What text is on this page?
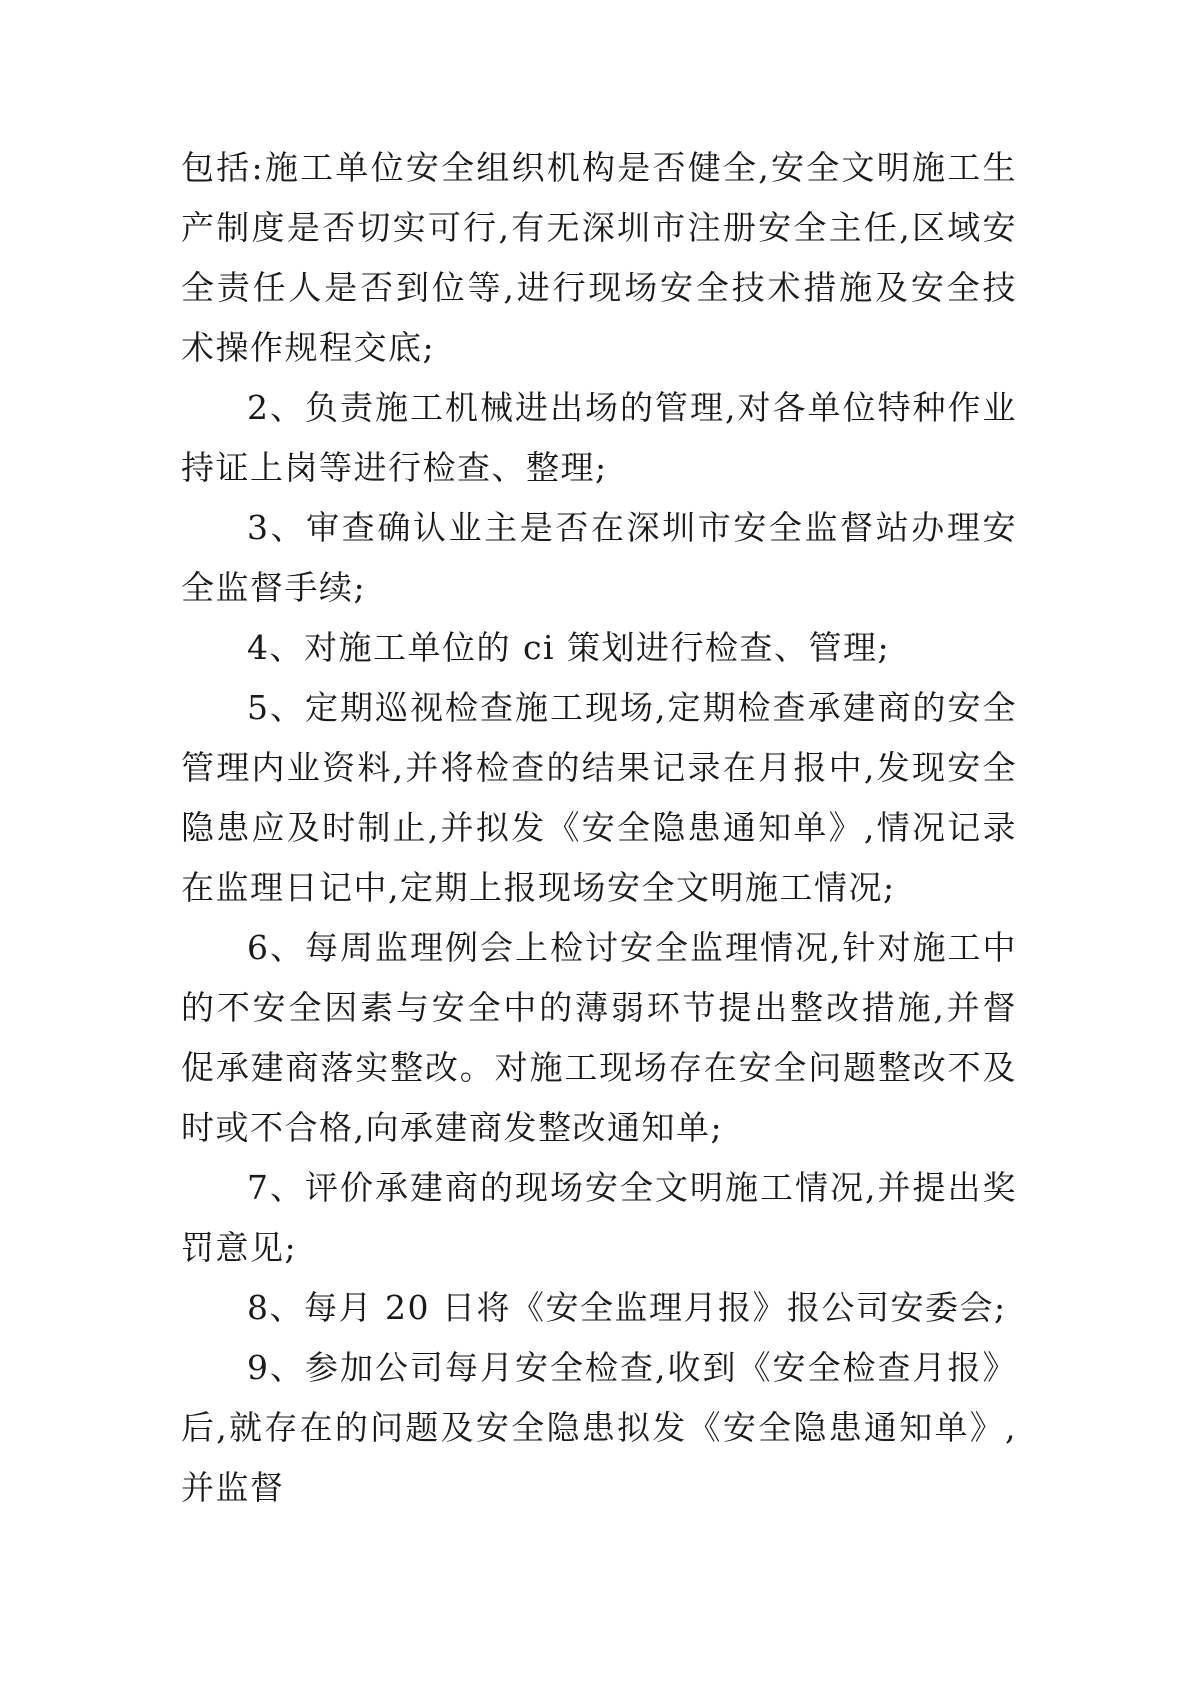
包括:施工单位安全组织机构是否健全,安全文明施工生产制度是否切实可行,有无深圳市注册安全主任,区域安全责任人是否到位等,进行现场安全技术措施及安全技术操作规程交底;

2、负责施工机械进出场的管理,对各单位特种作业持证上岗等进行检查、整理;

3、审查确认业主是否在深圳市安全监督站办理安全监督手续;

4、对施工单位的 ci 策划进行检查、管理;

5、定期巡视检查施工现场,定期检查承建商的安全管理内业资料,并将检查的结果记录在月报中,发现安全隐患应及时制止,并拟发《安全隐患通知单》,情况记录在监理日记中,定期上报现场安全文明施工情况;

6、每周监理例会上检讨安全监理情况,针对施工中的不安全因素与安全中的薄弱环节提出整改措施,并督促承建商落实整改。对施工现场存在安全问题整改不及时或不合格,向承建商发整改通知单;

7、评价承建商的现场安全文明施工情况,并提出奖罚意见;

8、每月 20 日将《安全监理月报》报公司安委会;

9、参加公司每月安全检查,收到《安全检查月报》后,就存在的问题及安全隐患拟发《安全隐患通知单》,并监督
